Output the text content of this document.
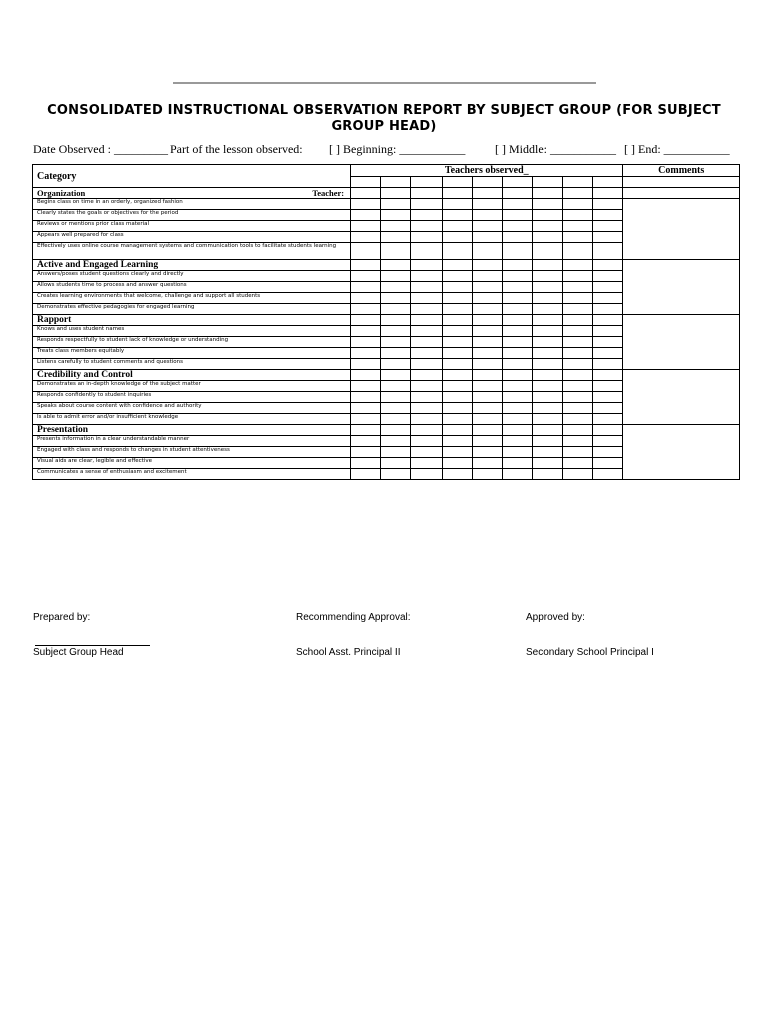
CONSOLIDATED INSTRUCTIONAL OBSERVATION REPORT BY SUBJECT GROUP (FOR SUBJECT GROUP HEAD)
Date Observed : _________ Part of the lesson observed: [ ] Beginning: ___________ [ ] Middle: ___________ [ ] End: ___________
Category	Teachers observed_									Comments

Organization Teacher:										

Begins class on time in an orderly, organized fashion										
Clearly states the goals or objectives for the period										
Reviews or mentions prior class material										
Appears well prepared for class										
Effectively uses online course management systems and communication tools to facilitate students learning										
Active and Engaged Learning										
Answers/poses student questions clearly and directly										
Allows students time to process and answer questions										
Creates learning environments that welcome, challenge and support all students										
Demonstrates effective pedagogies for engaged learning										
Rapport										
Knows and uses student names										
Responds respectfully to student lack of knowledge or understanding										
Treats class members equitably										
Listens carefully to student comments and questions										
Credibility and Control										
Demonstrates an in-depth knowledge of the subject matter										
Responds confidently to student inquiries										
Speaks about course content with confidence and authority										
Is able to admit error and/or insufficient knowledge										
Presentation										
Presents information in a clear understandable manner										
Engaged with class and responds to changes in student attentiveness										
Visual aids are clear, legible and effective										
Communicates a sense of enthusiasm and excitement										
Prepared by:	Recommending Approval:	Approved by:
Subject Group Head	School Asst. Principal II	Secondary School Principal I
